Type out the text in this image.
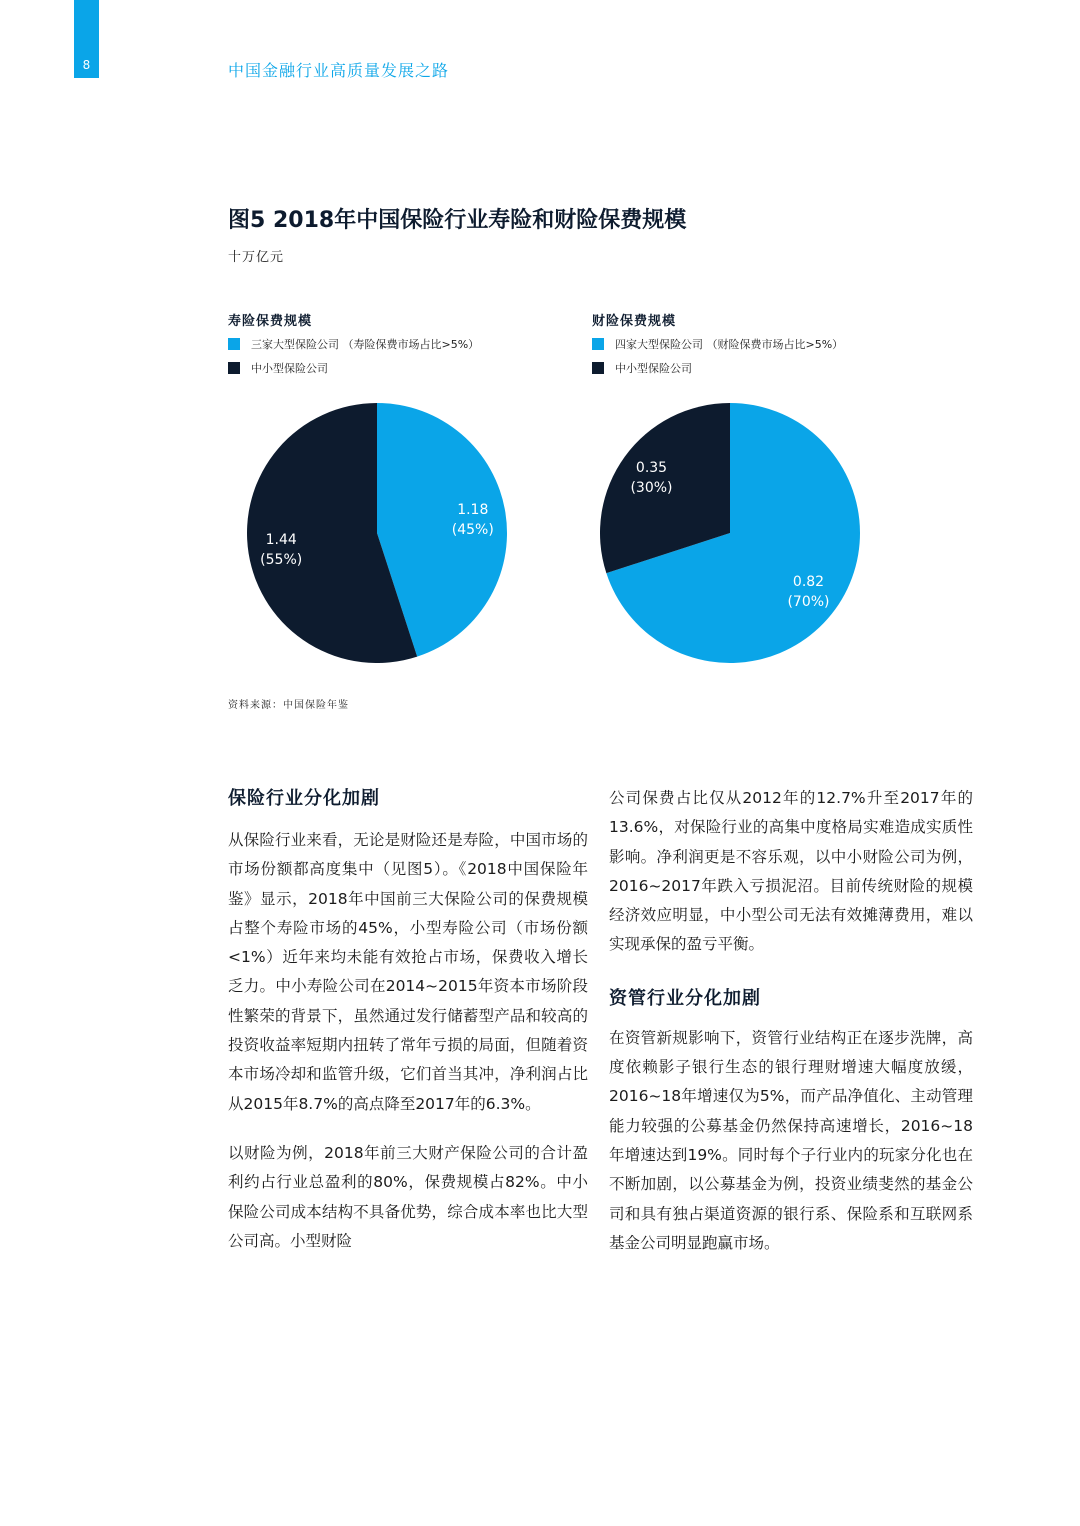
8	中国金融行业高质量发展之路
图5 2018年中国保险行业寿险和财险保费规模
十万亿元
寿险保费规模
三家大型保险公司 （寿险保费市场占比>5%）
中小型保险公司
1.18
(45%)
1.44
(55%)
财险保费规模
四家大型保险公司 （财险保费市场占比>5%）
中小型保险公司
0.82
(70%)
0.35
(30%)
资料来源：中国保险年鉴
保险行业分化加剧

从保险行业来看，无论是财险还是寿险，中国市场的市场份额都高度集中（见图5）。《2018中国保险年鉴》显示，2018年中国前三大保险公司的保费规模占整个寿险市场的45%，小型寿险公司（市场份额<1%）近年来均未能有效抢占市场，保费收入增长乏力。中小寿险公司在2014~2015年资本市场阶段性繁荣的背景下，虽然通过发行储蓄型产品和较高的投资收益率短期内扭转了常年亏损的局面，但随着资本市场冷却和监管升级，它们首当其冲，净利润占比从2015年8.7%的高点降至2017年的6.3%。

以财险为例，2018年前三大财产保险公司的合计盈利约占行业总盈利的80%，保费规模占82%。中小保险公司成本结构不具备优势，综合成本率也比大型公司高。小型财险

公司保费占比仅从2012年的12.7%升至2017年的13.6%，对保险行业的高集中度格局实难造成实质性影响。净利润更是不容乐观，以中小财险公司为例，2016~2017年跌入亏损泥沼。目前传统财险的规模经济效应明显，中小型公司无法有效摊薄费用，难以实现承保的盈亏平衡。

资管行业分化加剧

在资管新规影响下，资管行业结构正在逐步洗牌，高度依赖影子银行生态的银行理财增速大幅度放缓，2016~18年增速仅为5%，而产品净值化、主动管理能力较强的公募基金仍然保持高速增长，2016~18年增速达到19%。同时每个子行业内的玩家分化也在不断加剧，以公募基金为例，投资业绩斐然的基金公司和具有独占渠道资源的银行系、保险系和互联网系基金公司明显跑赢市场。
